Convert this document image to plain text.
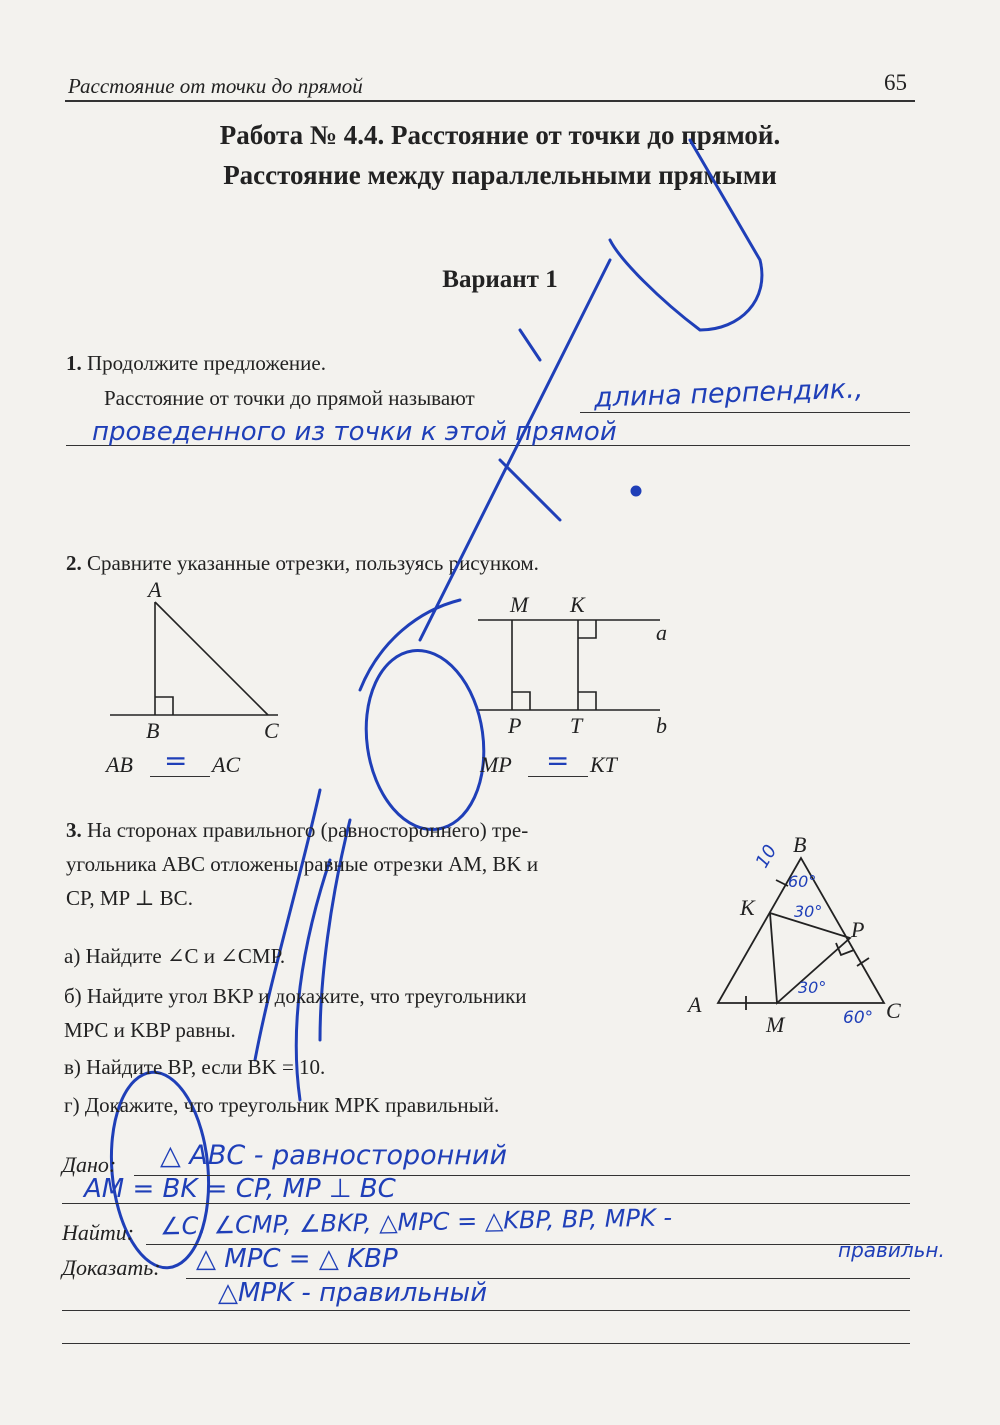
Расстояние от точки до прямой	65
Работа № 4.4. Расстояние от точки до прямой.
Расстояние между параллельными прямыми
Вариант 1
1. Продолжите предложение.
Расстояние от точки до прямой называют	длина перпендик.,
проведенного из точки к этой прямой
2. Сравните указанные отрезки, пользуясь рисунком.
A
B	C
M K
P T
a
b
AB = AC	MP = KT
3. На сторонах правильного (равностороннего) тре-
угольника ABC отложены равные отрезки AM, BK и
CP, MP ⊥ BC.
а) Найдите ∠C и ∠CMP.
б) Найдите угол BKP и докажите, что треугольники
MPC и KBP равны.
в) Найдите BP, если BK = 10.
г) Докажите, что треугольник MPK правильный.
B
K
P
A
M
C
10
60°
30°
30°
60°
Дано: △ ABC - равносторонний
AM = BK = CP, MP ⊥ BC
Найти: ∠C, ∠CMP, ∠BKP, △MPC = △KBP, BP, MPK -
правильн.
Доказать: △ MPC = △ KBP
△MPK - правильный
